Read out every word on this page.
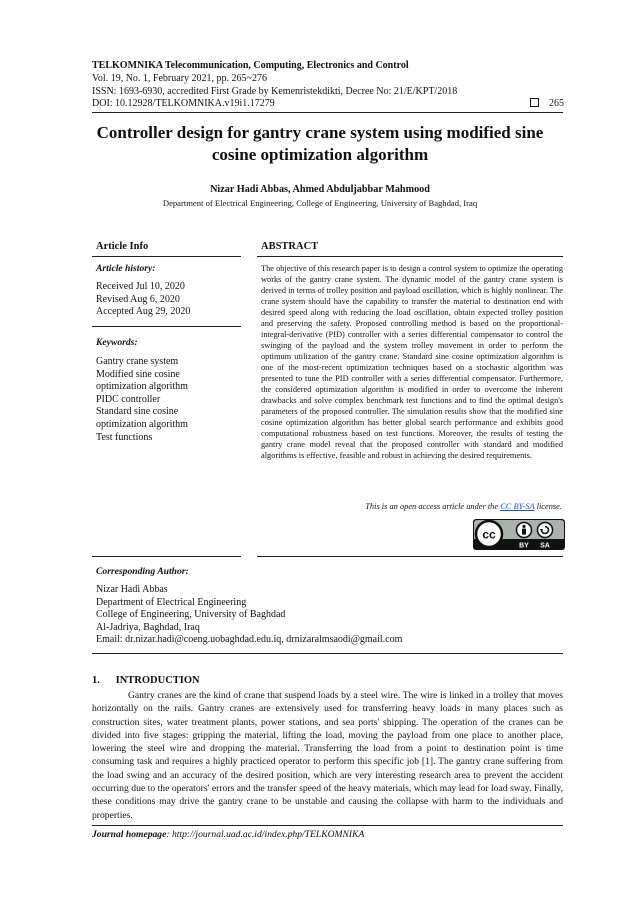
TELKOMNIKA Telecommunication, Computing, Electronics and Control
Vol. 19, No. 1, February 2021, pp. 265~276
ISSN: 1693-6930, accredited First Grade by Kemenristekdikti, Decree No: 21/E/KPT/2018
DOI: 10.12928/TELKOMNIKA.v19i1.17279	265
Controller design for gantry crane system using modified sine
cosine optimization algorithm
Nizar Hadi Abbas, Ahmed Abduljabbar Mahmood
Department of Electrical Engineering, College of Engineering, University of Baghdad, Iraq
Article Info
Article history:
Received Jul 10, 2020
Revised Aug 6, 2020
Accepted Aug 29, 2020
Keywords:
Gantry crane system
Modified sine cosine
optimization algorithm
PIDC controller
Standard sine cosine
optimization algorithm
Test functions
ABSTRACT
The objective of this research paper is to design a control system to optimize the operating works of the gantry crane system. The dynamic model of the gantry crane system is derived in terms of trolley position and payload oscillation, which is highly nonlinear. The crane system should have the capability to transfer the material to destination end with desired speed along with reducing the load oscillation, obtain expected trolley position and preserving the safety. Proposed controlling method is based on the proportional-integral-derivative (PID) controller with a series differential compensator to control the swinging of the payload and the system trolley movement in order to perform the optimum utilization of the gantry crane. Standard sine cosine optimization algorithm is one of the most-recent optimization techniques based on a stochastic algorithm was presented to tune the PID controller with a series differential compensator. Furthermore, the considered optimization algorithm is modified in order to overcome the inherent drawbacks and solve complex benchmark test functions and to find the optimal design's parameters of the proposed controller. The simulation results show that the modified sine cosine optimization algorithm has better global search performance and exhibits good computational robustness based on test functions. Moreover, the results of testing the gantry crane model reveal that the proposed controller with standard and modified algorithms is effective, feasible and robust in achieving the desired requirements.
This is an open access article under the CC BY-SA license.
cc
BY SA
Corresponding Author:
Nizar Hadi Abbas
Department of Electrical Engineering
College of Engineering, University of Baghdad
Al-Jadriya, Baghdad, Iraq
Email: dr.nizar.hadi@coeng.uobaghdad.edu.iq, drnizaralmsaodi@gmail.com
1.      INTRODUCTION
Gantry cranes are the kind of crane that suspend loads by a steel wire. The wire is linked in a trolley that moves horizontally on the rails. Gantry cranes are extensively used for transferring heavy loads in many places such as construction sites, water treatment plants, power stations, and sea ports' shipping. The operation of the cranes can be divided into five stages: gripping the material, lifting the load, moving the payload from one place to another place, lowering the steel wire and dropping the material. Transferring the load from a point to destination point is time consuming task and requires a highly practiced operator to perform this specific job [1]. The gantry crane suffering from the load swing and an accuracy of the desired position, which are very interesting research area to prevent the accident occurring due to the operators' errors and the transfer speed of the heavy materials, which may lead for load sway. Finally, these conditions may drive the gantry crane to be unstable and causing the collapse with harm to the individuals and properties.
Journal homepage: http://journal.uad.ac.id/index.php/TELKOMNIKA
